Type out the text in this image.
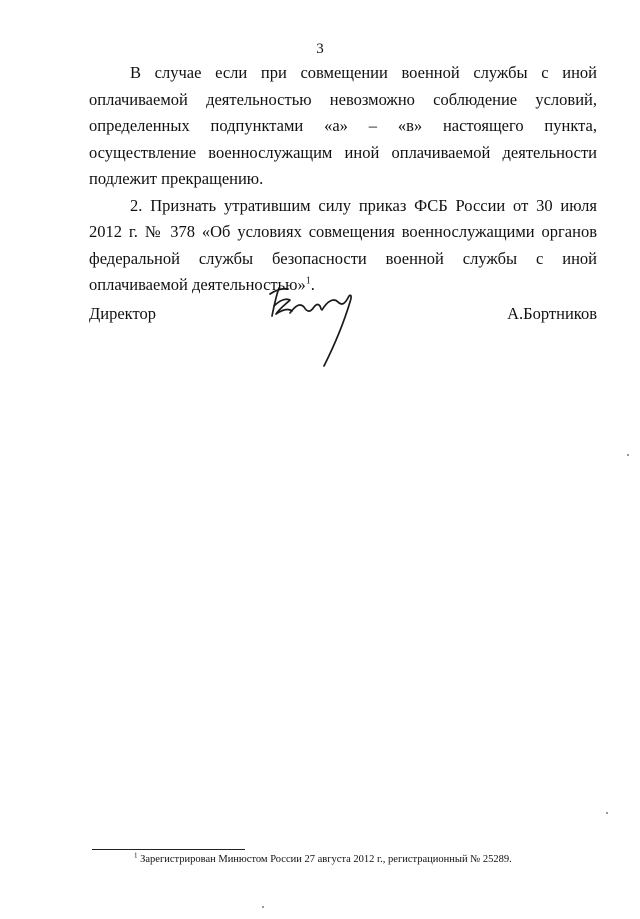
3

В случае если при совмещении военной службы с иной оплачиваемой деятельностью невозможно соблюдение условий, определенных подпунктами «а» – «в» настоящего пункта, осуществление военнослужащим иной оплачиваемой деятельности подлежит прекращению.

2. Признать утратившим силу приказ ФСБ России от 30 июля 2012 г. № 378 «Об условиях совмещения военнослужащими органов федеральной службы безопасности военной службы с иной оплачиваемой деятельностью»$^1$.

Директор	А.Бортников
$^1$ Зарегистрирован Минюстом России 27 августа 2012 г., регистрационный № 25289.
